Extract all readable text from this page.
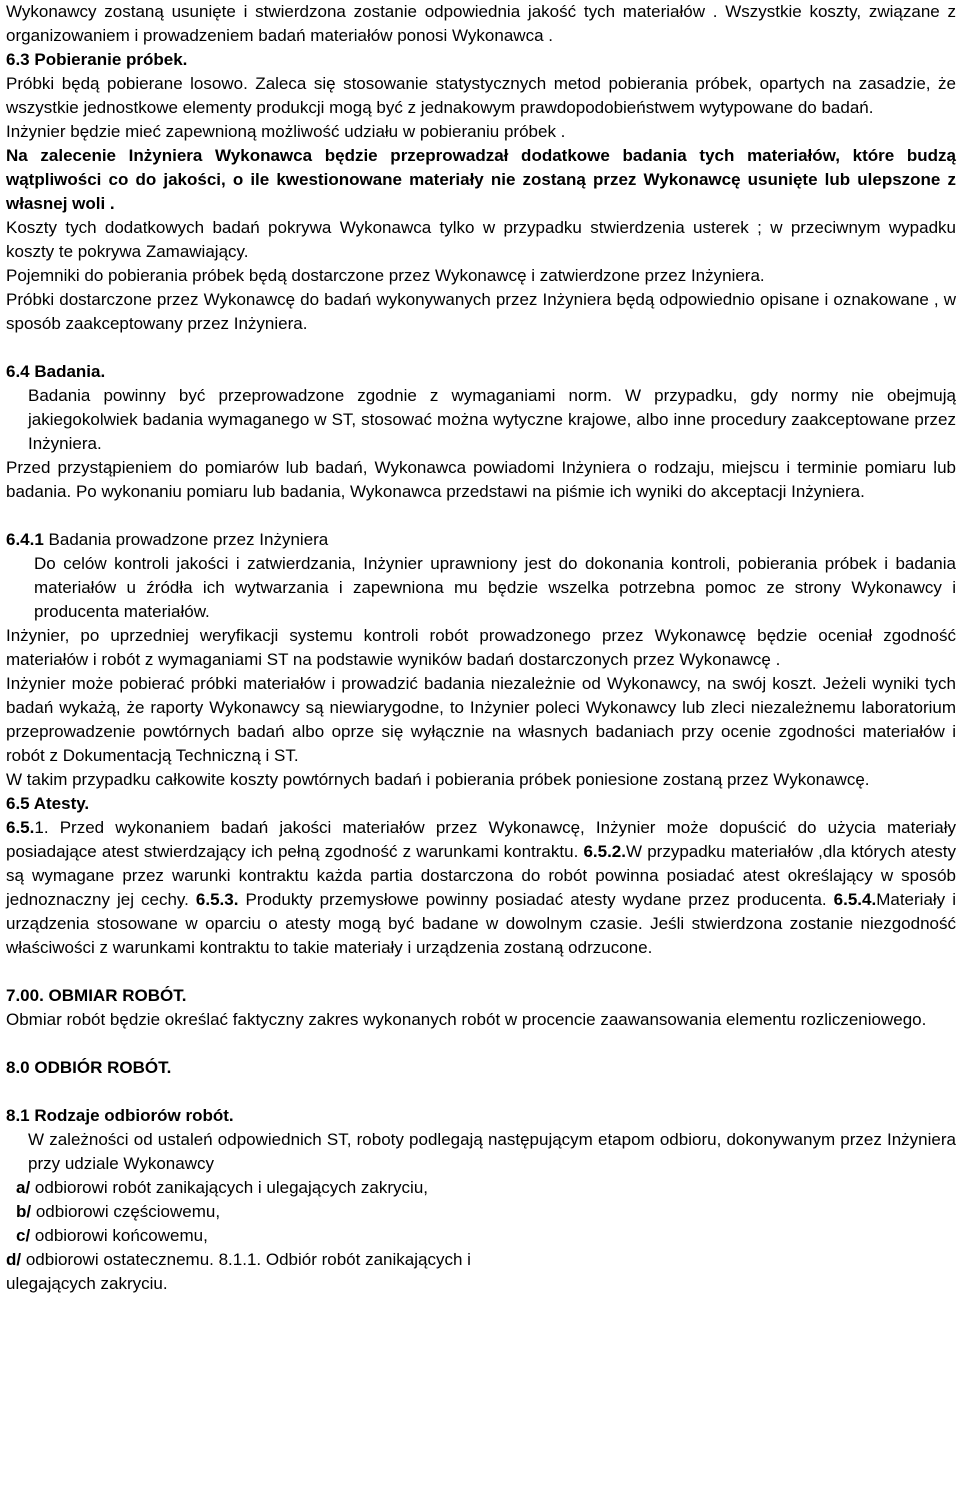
Wykonawcy zostaną usunięte i stwierdzona zostanie odpowiednia jakość tych materiałów . Wszystkie koszty, związane z organizowaniem i prowadzeniem badań materiałów ponosi Wykonawca .

6.3 Pobieranie próbek.

Próbki będą pobierane losowo. Zaleca się stosowanie statystycznych metod pobierania próbek, opartych na zasadzie, że wszystkie jednostkowe elementy produkcji mogą być z jednakowym prawdopodobieństwem wytypowane do badań.

Inżynier będzie mieć zapewnioną możliwość udziału w pobieraniu próbek .

Na zalecenie Inżyniera Wykonawca będzie przeprowadzał dodatkowe badania tych materiałów, które budzą wątpliwości co do jakości, o ile kwestionowane materiały nie zostaną przez Wykonawcę usunięte lub ulepszone z własnej woli .

Koszty tych dodatkowych badań pokrywa Wykonawca tylko w przypadku stwierdzenia usterek ; w przeciwnym wypadku koszty te pokrywa Zamawiający.

Pojemniki do pobierania próbek będą dostarczone przez Wykonawcę i zatwierdzone przez Inżyniera.

Próbki dostarczone przez Wykonawcę do badań wykonywanych przez Inżyniera będą odpowiednio opisane i oznakowane , w sposób zaakceptowany przez Inżyniera.

6.4 Badania.

Badania powinny być przeprowadzone zgodnie z wymaganiami norm. W przypadku, gdy normy nie obejmują jakiegokolwiek badania wymaganego w ST, stosować można wytyczne krajowe, albo inne procedury zaakceptowane przez Inżyniera.

Przed przystąpieniem do pomiarów lub badań, Wykonawca powiadomi Inżyniera o rodzaju, miejscu i terminie pomiaru lub badania. Po wykonaniu pomiaru lub badania, Wykonawca przedstawi na piśmie ich wyniki do akceptacji Inżyniera.

6.4.1 Badania prowadzone przez Inżyniera

Do celów kontroli jakości i zatwierdzania, Inżynier uprawniony jest do dokonania kontroli, pobierania próbek i badania materiałów u źródła ich wytwarzania i zapewniona mu będzie wszelka potrzebna pomoc ze strony Wykonawcy i producenta materiałów.

Inżynier, po uprzedniej weryfikacji systemu kontroli robót prowadzonego przez Wykonawcę będzie oceniał zgodność materiałów i robót z wymaganiami ST na podstawie wyników badań dostarczonych przez Wykonawcę .

Inżynier może pobierać próbki materiałów i prowadzić badania niezależnie od Wykonawcy, na swój koszt. Jeżeli wyniki tych badań wykażą, że raporty Wykonawcy są niewiarygodne, to Inżynier poleci Wykonawcy lub zleci niezależnemu laboratorium przeprowadzenie powtórnych badań albo oprze się wyłącznie na własnych badaniach przy ocenie zgodności materiałów i robót z Dokumentacją Techniczną i ST.

W takim przypadku całkowite koszty powtórnych badań i pobierania próbek poniesione zostaną przez Wykonawcę.

6.5 Atesty.

6.5.1. Przed wykonaniem badań jakości materiałów przez Wykonawcę, Inżynier może dopuścić do użycia materiały posiadające atest stwierdzający ich pełną zgodność z warunkami kontraktu. 6.5.2.W przypadku materiałów ,dla których atesty są wymagane przez warunki kontraktu każda partia dostarczona do robót powinna posiadać atest określający w sposób jednoznaczny jej cechy. 6.5.3. Produkty przemysłowe powinny posiadać atesty wydane przez producenta. 6.5.4.Materiały i urządzenia stosowane w oparciu o atesty mogą być badane w dowolnym czasie. Jeśli stwierdzona zostanie niezgodność właściwości z warunkami kontraktu to takie materiały i urządzenia zostaną odrzucone.

7.00. OBMIAR ROBÓT.

Obmiar robót będzie określać faktyczny zakres wykonanych robót w procencie zaawansowania elementu rozliczeniowego.

8.0 ODBIÓR ROBÓT.

8.1 Rodzaje odbiorów robót.

W zależności od ustaleń odpowiednich ST, roboty podlegają następującym etapom odbioru, dokonywanym przez Inżyniera przy udziale Wykonawcy

a/ odbiorowi robót zanikających i ulegających zakryciu,

b/ odbiorowi częściowemu,

c/ odbiorowi końcowemu,

d/ odbiorowi ostatecznemu. 8.1.1. Odbiór robót zanikających i

ulegających zakryciu.
